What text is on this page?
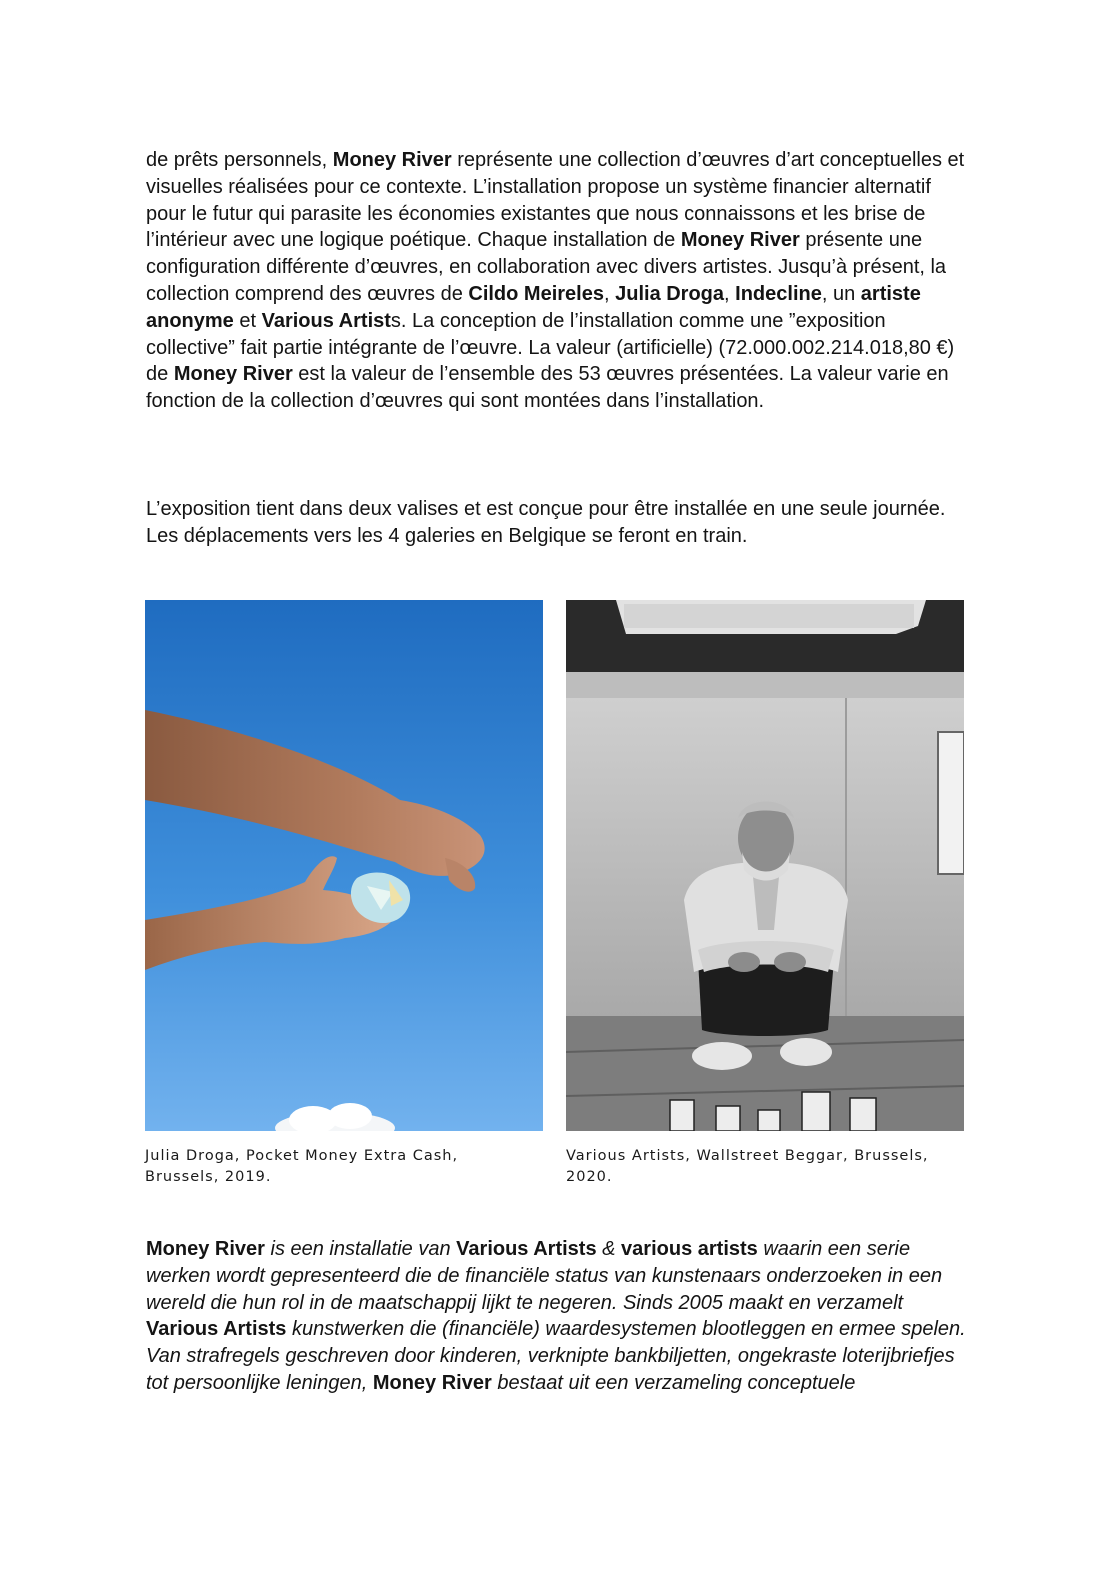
de prêts personnels, Money River représente une collection d’œuvres d’art conceptuelles et visuelles réalisées pour ce contexte. L’installation propose un système financier alternatif pour le futur qui parasite les économies existantes que nous connaissons et les brise de l’intérieur avec une logique poétique. Chaque installation de Money River présente une configuration différente d’œuvres, en collaboration avec divers artistes. Jusqu’à présent, la collection comprend des œuvres de Cildo Meireles, Julia Droga, Indecline, un artiste anonyme et Various Artists. La conception de l’installation comme une ”exposition collective” fait partie intégrante de l’œuvre. La valeur (artificielle) (72.000.002.214.018,80 €) de Money River est la valeur de l’ensemble des 53 œuvres présentées. La valeur varie en fonction de la collection d’œuvres qui sont montées dans l’installation.

L’exposition tient dans deux valises et est conçue pour être installée en une seule journée. Les déplacements vers les 4 galeries en Belgique se feront en train.

Julia Droga, Pocket Money Extra Cash, Brussels, 2019.
Various Artists, Wallstreet Beggar, Brussels, 2020.

Money River is een installatie van Various Artists & various artists waarin een serie werken wordt gepresenteerd die de financiële status van kunstenaars onderzoeken in een wereld die hun rol in de maatschappij lijkt te negeren. Sinds 2005 maakt en verzamelt Various Artists kunstwerken die (financiële) waardesystemen blootleggen en ermee spelen. Van strafregels geschreven door kinderen, verknipte bankbiljetten, ongekraste loterijbriefjes tot persoonlijke leningen, Money River bestaat uit een verzameling conceptuele
